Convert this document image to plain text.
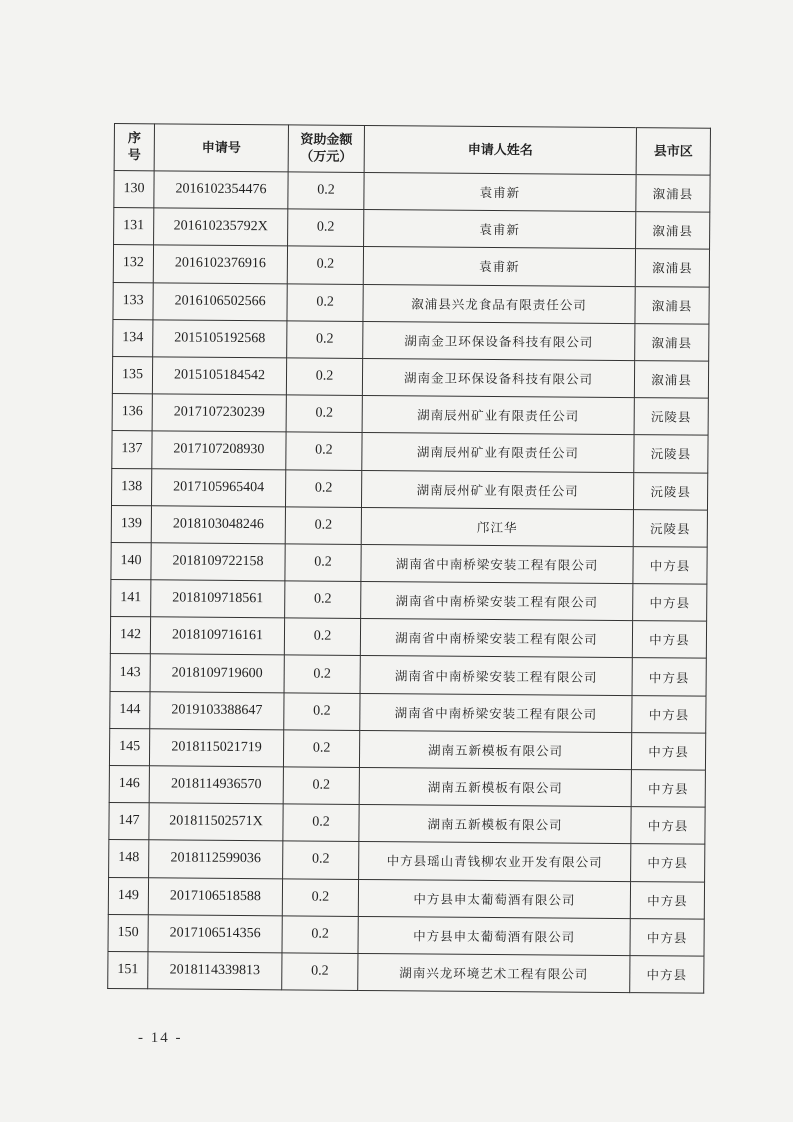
序号	申请号	资助金额（万元）	申请人姓名	县市区
130	2016102354476	0.2	袁甫新	溆浦县
131	201610235792X	0.2	袁甫新	溆浦县
132	2016102376916	0.2	袁甫新	溆浦县
133	2016106502566	0.2	溆浦县兴龙食品有限责任公司	溆浦县
134	2015105192568	0.2	湖南金卫环保设备科技有限公司	溆浦县
135	2015105184542	0.2	湖南金卫环保设备科技有限公司	溆浦县
136	2017107230239	0.2	湖南辰州矿业有限责任公司	沅陵县
137	2017107208930	0.2	湖南辰州矿业有限责任公司	沅陵县
138	2017105965404	0.2	湖南辰州矿业有限责任公司	沅陵县
139	2018103048246	0.2	邝江华	沅陵县
140	2018109722158	0.2	湖南省中南桥梁安装工程有限公司	中方县
141	2018109718561	0.2	湖南省中南桥梁安装工程有限公司	中方县
142	2018109716161	0.2	湖南省中南桥梁安装工程有限公司	中方县
143	2018109719600	0.2	湖南省中南桥梁安装工程有限公司	中方县
144	2019103388647	0.2	湖南省中南桥梁安装工程有限公司	中方县
145	2018115021719	0.2	湖南五新模板有限公司	中方县
146	2018114936570	0.2	湖南五新模板有限公司	中方县
147	201811502571X	0.2	湖南五新模板有限公司	中方县
148	2018112599036	0.2	中方县瑶山青钱柳农业开发有限公司	中方县
149	2017106518588	0.2	中方县申太葡萄酒有限公司	中方县
150	2017106514356	0.2	中方县申太葡萄酒有限公司	中方县
151	2018114339813	0.2	湖南兴龙环境艺术工程有限公司	中方县
- 14 -
